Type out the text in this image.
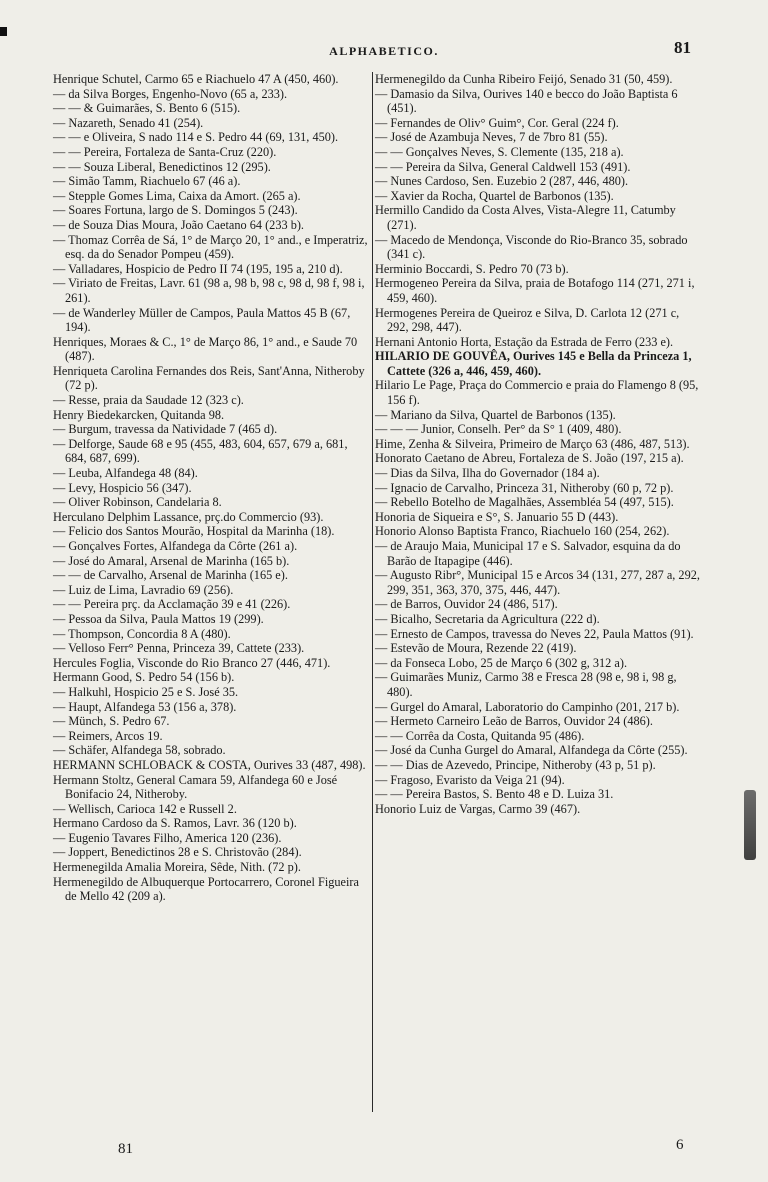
ALPHABETICO.	81

Henrique Schutel, Carmo 65 e Riachuelo 47 A (450, 460).

— da Silva Borges, Engenho-Novo (65 a, 233).

— — & Guimarães, S. Bento 6 (515).

— Nazareth, Senado 41 (254).

— — e Oliveira, S nado 114 e S. Pedro 44 (69, 131, 450).

— — Pereira, Fortaleza de Santa-Cruz (220).

— — Souza Liberal, Benedictinos 12 (295).

— Simão Tamm, Riachuelo 67 (46 a).

— Stepple Gomes Lima, Caixa da Amort. (265 a).

— Soares Fortuna, largo de S. Domingos 5 (243).

— de Souza Dias Moura, João Caetano 64 (233 b).

— Thomaz Corrêa de Sá, 1° de Março 20, 1° and., e Imperatriz, esq. da do Senador Pompeu (459).

— Valladares, Hospicio de Pedro II 74 (195, 195 a, 210 d).

— Viriato de Freitas, Lavr. 61 (98 a, 98 b, 98 c, 98 d, 98 f, 98 i, 261).

— de Wanderley Müller de Campos, Paula Mattos 45 B (67, 194).

Henriques, Moraes & C., 1° de Março 86, 1° and., e Saude 70 (487).

Henriqueta Carolina Fernandes dos Reis, Sant'Anna, Nitheroby (72 p).

— Resse, praia da Saudade 12 (323 c).

Henry Biedekarcken, Quitanda 98.

— Burgum, travessa da Natividade 7 (465 d).

— Delforge, Saude 68 e 95 (455, 483, 604, 657, 679 a, 681, 684, 687, 699).

— Leuba, Alfandega 48 (84).

— Levy, Hospicio 56 (347).

— Oliver Robinson, Candelaria 8.

Herculano Delphim Lassance, prç.do Commercio (93).

— Felicio dos Santos Mourão, Hospital da Marinha (18).

— Gonçalves Fortes, Alfandega da Côrte (261 a).

— José do Amaral, Arsenal de Marinha (165 b).

— — de Carvalho, Arsenal de Marinha (165 e).

— Luiz de Lima, Lavradio 69 (256).

— — Pereira prç. da Acclamação 39 e 41 (226).

— Pessoa da Silva, Paula Mattos 19 (299).

— Thompson, Concordia 8 A (480).

— Velloso Ferr° Penna, Princeza 39, Cattete (233).

Hercules Foglia, Visconde do Rio Branco 27 (446, 471).

Hermann Good, S. Pedro 54 (156 b).

— Halkuhl, Hospicio 25 e S. José 35.

— Haupt, Alfandega 53 (156 a, 378).

— Münch, S. Pedro 67.

— Reimers, Arcos 19.

— Schäfer, Alfandega 58, sobrado.

HERMANN SCHLOBACK & COSTA, Ourives 33 (487, 498).

Hermann Stoltz, General Camara 59, Alfandega 60 e José Bonifacio 24, Nitheroby.

— Wellisch, Carioca 142 e Russell 2.

Hermano Cardoso da S. Ramos, Lavr. 36 (120 b).

— Eugenio Tavares Filho, America 120 (236).

— Joppert, Benedictinos 28 e S. Christovão (284).

Hermenegilda Amalia Moreira, Sêde, Nith. (72 p).

Hermenegildo de Albuquerque Portocarrero, Coronel Figueira de Mello 42 (209 a).

Hermenegildo da Cunha Ribeiro Feijó, Senado 31 (50, 459).

— Damasio da Silva, Ourives 140 e becco do João Baptista 6 (451).

— Fernandes de Oliv° Guim°, Cor. Geral (224 f).

— José de Azambuja Neves, 7 de 7bro 81 (55).

— — Gonçalves Neves, S. Clemente (135, 218 a).

— — Pereira da Silva, General Caldwell 153 (491).

— Nunes Cardoso, Sen. Euzebio 2 (287, 446, 480).

— Xavier da Rocha, Quartel de Barbonos (135).

Hermillo Candido da Costa Alves, Vista-Alegre 11, Catumby (271).

— Macedo de Mendonça, Visconde do Rio-Branco 35, sobrado (341 c).

Herminio Boccardi, S. Pedro 70 (73 b).

Hermogeneo Pereira da Silva, praia de Botafogo 114 (271, 271 i, 459, 460).

Hermogenes Pereira de Queiroz e Silva, D. Carlota 12 (271 c, 292, 298, 447).

Hernani Antonio Horta, Estação da Estrada de Ferro (233 e).

HILARIO DE GOUVÊA, Ourives 145 e Bella da Princeza 1, Cattete (326 a, 446, 459, 460).

Hilario Le Page, Praça do Commercio e praia do Flamengo 8 (95, 156 f).

— Mariano da Silva, Quartel de Barbonos (135).

— — — Junior, Conselh. Per° da S° 1 (409, 480).

Hime, Zenha & Silveira, Primeiro de Março 63 (486, 487, 513).

Honorato Caetano de Abreu, Fortaleza de S. João (197, 215 a).

— Dias da Silva, Ilha do Governador (184 a).

— Ignacio de Carvalho, Princeza 31, Nitheroby (60 p, 72 p).

— Rebello Botelho de Magalhães, Assembléa 54 (497, 515).

Honoria de Siqueira e S°, S. Januario 55 D (443).

Honorio Alonso Baptista Franco, Riachuelo 160 (254, 262).

— de Araujo Maia, Municipal 17 e S. Salvador, esquina da do Barão de Itapagipe (446).

— Augusto Ribr°, Municipal 15 e Arcos 34 (131, 277, 287 a, 292, 299, 351, 363, 370, 375, 446, 447).

— de Barros, Ouvidor 24 (486, 517).

— Bicalho, Secretaria da Agricultura (222 d).

— Ernesto de Campos, travessa do Neves 22, Paula Mattos (91).

— Estevão de Moura, Rezende 22 (419).

— da Fonseca Lobo, 25 de Março 6 (302 g, 312 a).

— Guimarães Muniz, Carmo 38 e Fresca 28 (98 e, 98 i, 98 g, 480).

— Gurgel do Amaral, Laboratorio do Campinho (201, 217 b).

— Hermeto Carneiro Leão de Barros, Ouvidor 24 (486).

— — Corrêa da Costa, Quitanda 95 (486).

— José da Cunha Gurgel do Amaral, Alfandega da Côrte (255).

— — Dias de Azevedo, Principe, Nitheroby (43 p, 51 p).

— Fragoso, Evaristo da Veiga 21 (94).

— — Pereira Bastos, S. Bento 48 e D. Luiza 31.

Honorio Luiz de Vargas, Carmo 39 (467).

81	6
